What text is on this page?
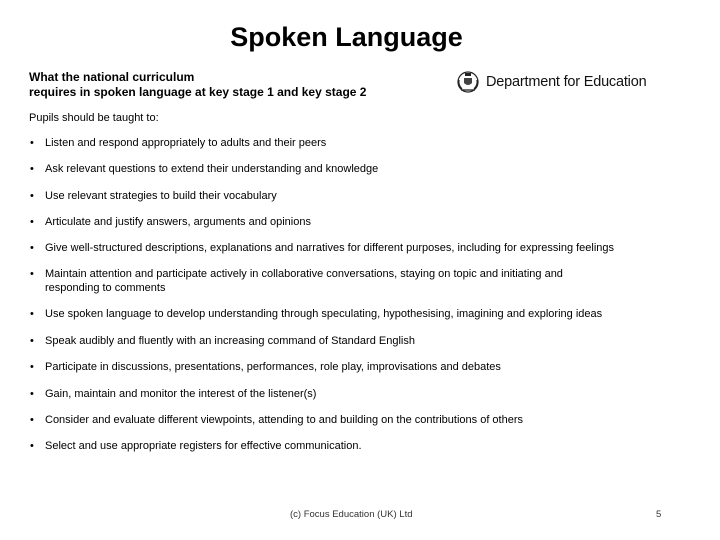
Spoken Language
What the national curriculum
requires in spoken language at key stage 1 and key stage 2
Department for Education
Pupils should be taught to:
• Listen and respond appropriately to adults and their peers
• Ask relevant questions to extend their understanding and knowledge
• Use relevant strategies to build their vocabulary
• Articulate and justify answers, arguments and opinions
• Give well-structured descriptions, explanations and narratives for different purposes, including for expressing feelings
• Maintain attention and participate actively in collaborative conversations, staying on topic and initiating and responding to comments
• Use spoken language to develop understanding through speculating, hypothesising, imagining and exploring ideas
• Speak audibly and fluently with an increasing command of Standard English
• Participate in discussions, presentations, performances, role play, improvisations and debates
• Gain, maintain and monitor the interest of the listener(s)
• Consider and evaluate different viewpoints, attending to and building on the contributions of others
• Select and use appropriate registers for effective communication.
(c) Focus Education (UK) Ltd	5
